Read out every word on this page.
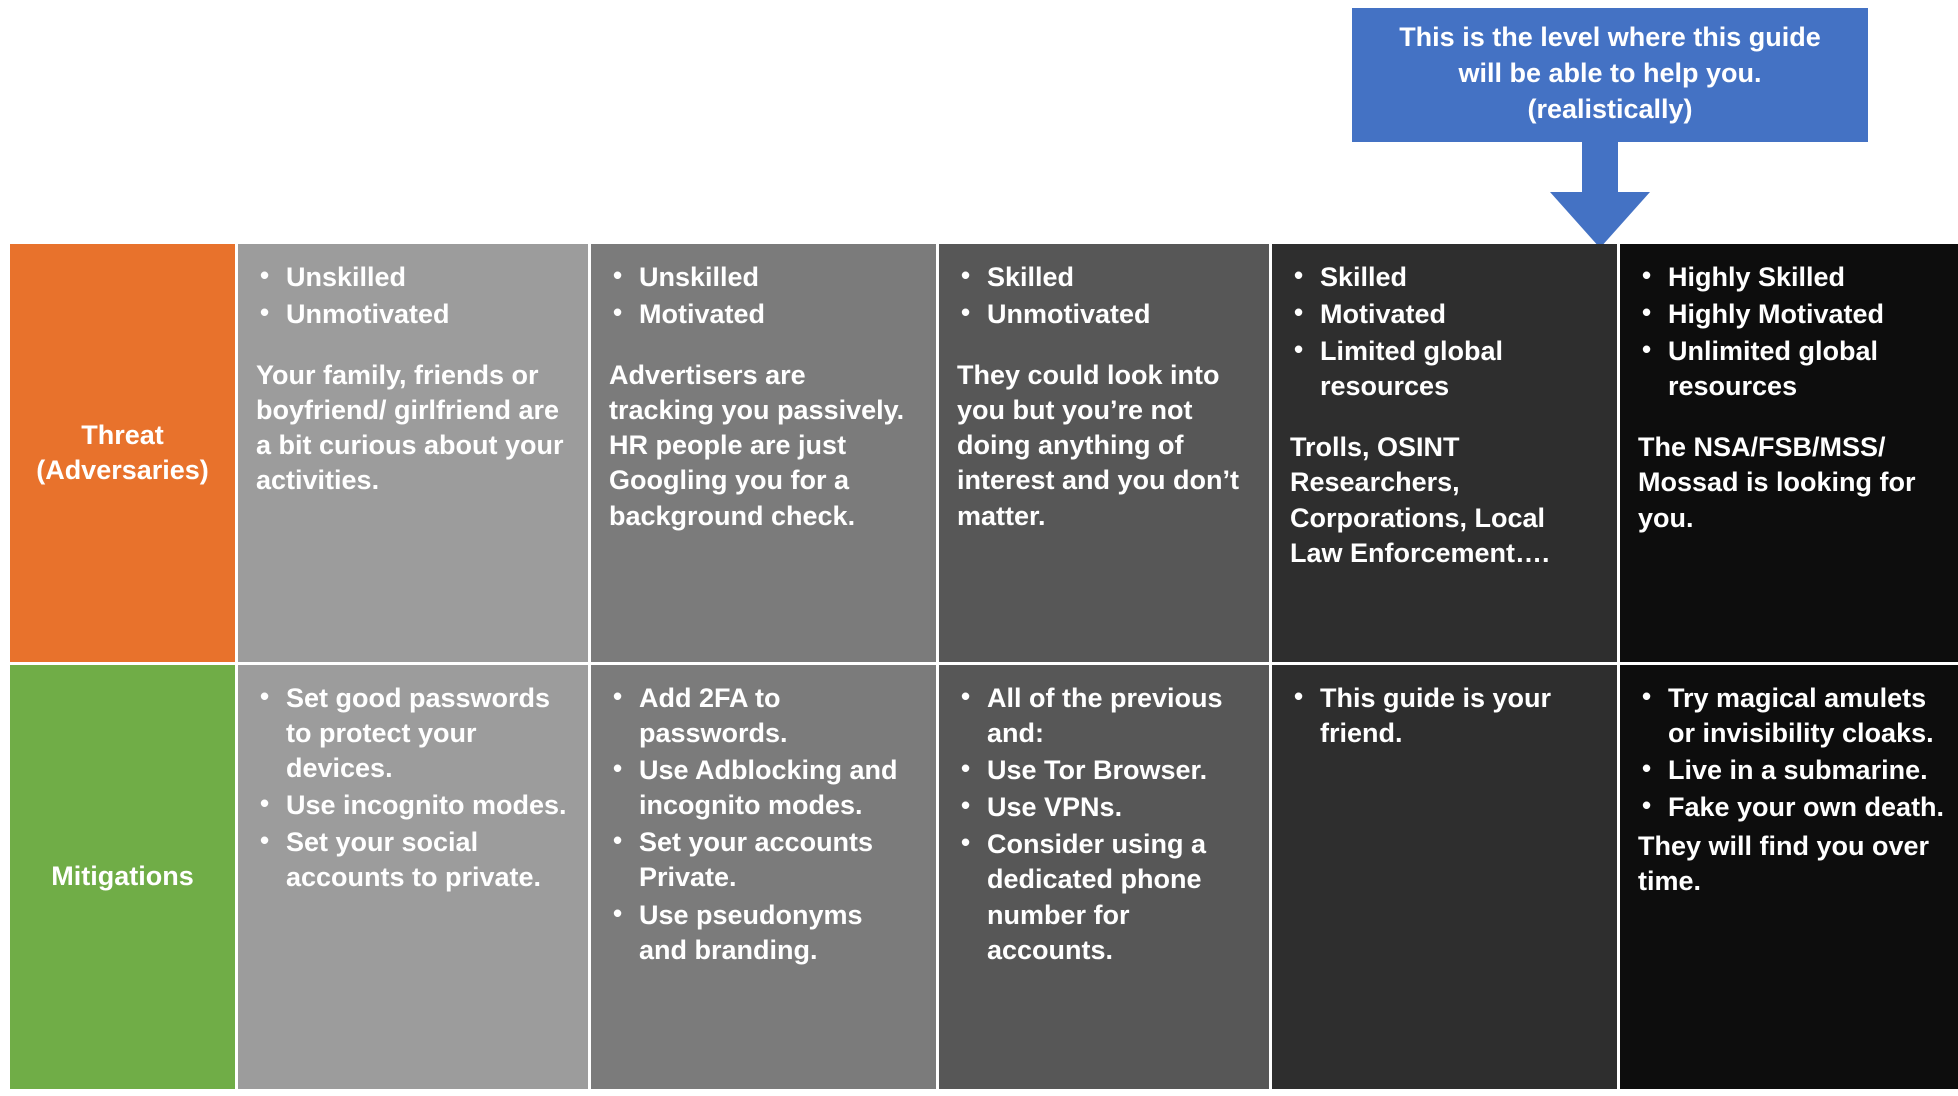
This is the level where this guide
will be able to help you.
(realistically)
Threat
(Adversaries)
• Unskilled
• Unmotivated
Your family, friends or boyfriend/ girlfriend are a bit curious about your activities.
• Unskilled
• Motivated
Advertisers are tracking you passively. HR people are just Googling you for a background check.
• Skilled
• Unmotivated
They could look into you but you’re not doing anything of interest and you don’t matter.
• Skilled
• Motivated
• Limited global resources
Trolls, OSINT Researchers, Corporations, Local Law Enforcement….
• Highly Skilled
• Highly Motivated
• Unlimited global resources
The NSA/FSB/MSS/ Mossad is looking for you.
Mitigations
• Set good passwords to protect your devices.
• Use incognito modes.
• Set your social accounts to private.
• Add 2FA to passwords.
• Use Adblocking and incognito modes.
• Set your accounts Private.
• Use pseudonyms and branding.
• All of the previous and:
• Use Tor Browser.
• Use VPNs.
• Consider using a dedicated phone number for accounts.
• This guide is your friend.
• Try magical amulets or invisibility cloaks.
• Live in a submarine.
• Fake your own death.
They will find you over time.
